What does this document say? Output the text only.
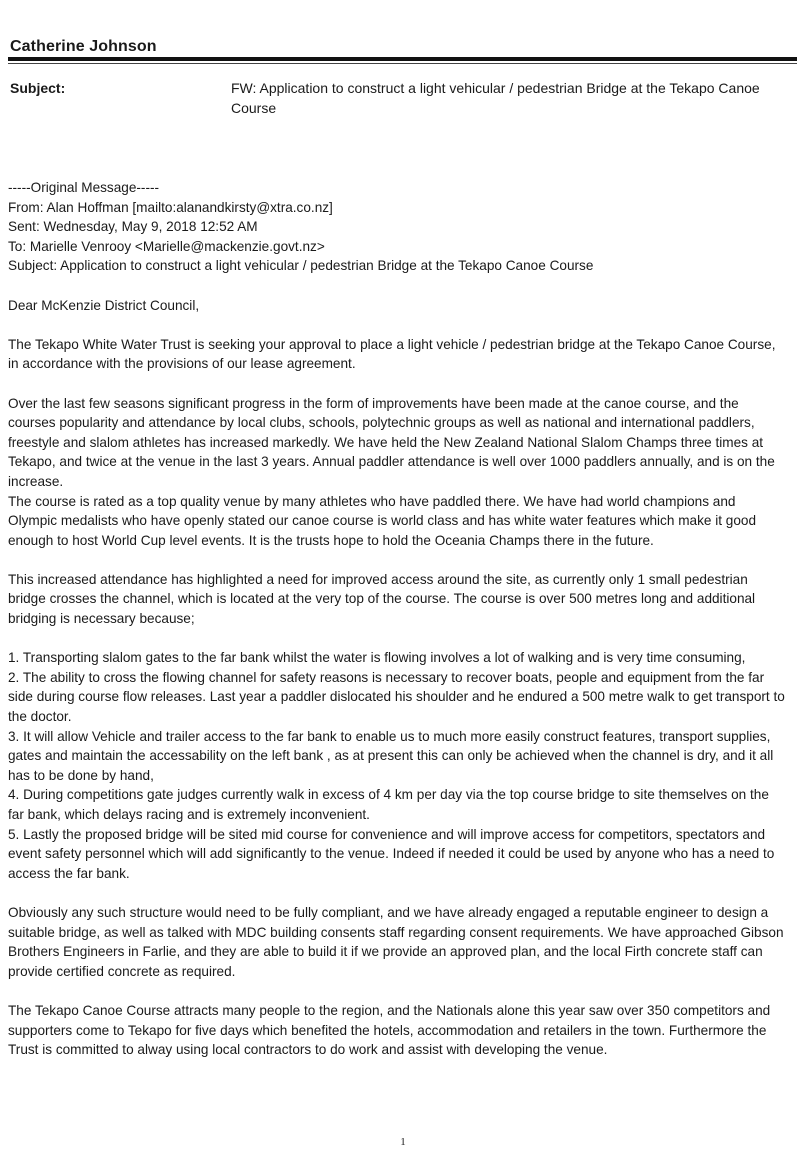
Catherine Johnson
Subject:	FW: Application to construct a light vehicular / pedestrian Bridge at the Tekapo Canoe Course

-----Original Message-----

From: Alan Hoffman [mailto:alanandkirsty@xtra.co.nz]

Sent: Wednesday, May 9, 2018 12:52 AM

To: Marielle Venrooy <Marielle@mackenzie.govt.nz>

Subject: Application to construct a light vehicular / pedestrian Bridge at the Tekapo Canoe Course

Dear McKenzie District Council,

The Tekapo White Water Trust is seeking your approval to place a light vehicle / pedestrian bridge at the Tekapo Canoe Course, in accordance with the provisions of our lease agreement.

Over the last few seasons significant progress in the form of improvements have been made at the canoe course, and the courses popularity and attendance by local clubs, schools, polytechnic groups as well as national and international paddlers, freestyle and slalom athletes has increased markedly. We have held the New Zealand National Slalom Champs three times at Tekapo, and twice at the venue in the last 3 years. Annual paddler attendance is well over 1000 paddlers annually, and is on the increase.

The course is rated as a top quality venue by many athletes who have paddled there. We have had world champions and Olympic medalists who have openly stated our canoe course is world class and has white water features which make it good enough to host World Cup level events. It is the trusts hope to hold the Oceania Champs there in the future.

This increased attendance has highlighted a need for improved access around the site, as currently only 1 small pedestrian bridge crosses the channel, which is located at the very top of the course. The course is over 500 metres long and additional bridging is necessary because;

1. Transporting slalom gates to the far bank whilst the water is flowing involves a lot of walking and is very time consuming,

2. The ability to cross the flowing channel for safety reasons is necessary to recover boats, people and equipment from the far side during course flow releases. Last year a paddler dislocated his shoulder and he endured a 500 metre walk to get transport to the doctor.

3. It will allow Vehicle and trailer access to the far bank to enable us to much more easily construct features, transport supplies, gates and maintain the accessability on the left bank , as at present this can only be achieved when the channel is dry, and it all has to be done by hand,

4. During competitions gate judges currently walk in excess of 4 km per day via the top course bridge to site themselves on the far bank, which delays racing and is extremely inconvenient.

5. Lastly the proposed bridge will be sited mid course for convenience and will improve access for competitors, spectators and event safety personnel which will add significantly to the venue. Indeed if needed it could be used by anyone who has a need to access the far bank.

Obviously any such structure would need to be fully compliant, and we have already engaged a reputable engineer to design a suitable bridge, as well as talked with MDC building consents staff regarding consent requirements. We have approached Gibson Brothers Engineers in Farlie, and they are able to build it if we provide an approved plan, and the local Firth concrete staff can provide certified concrete as required.

The Tekapo Canoe Course attracts many people to the region, and the Nationals alone this year saw over 350 competitors and supporters come to Tekapo for five days which benefited the hotels, accommodation and retailers in the town. Furthermore the Trust is committed to alway using local contractors to do work and assist with developing the venue.

1
